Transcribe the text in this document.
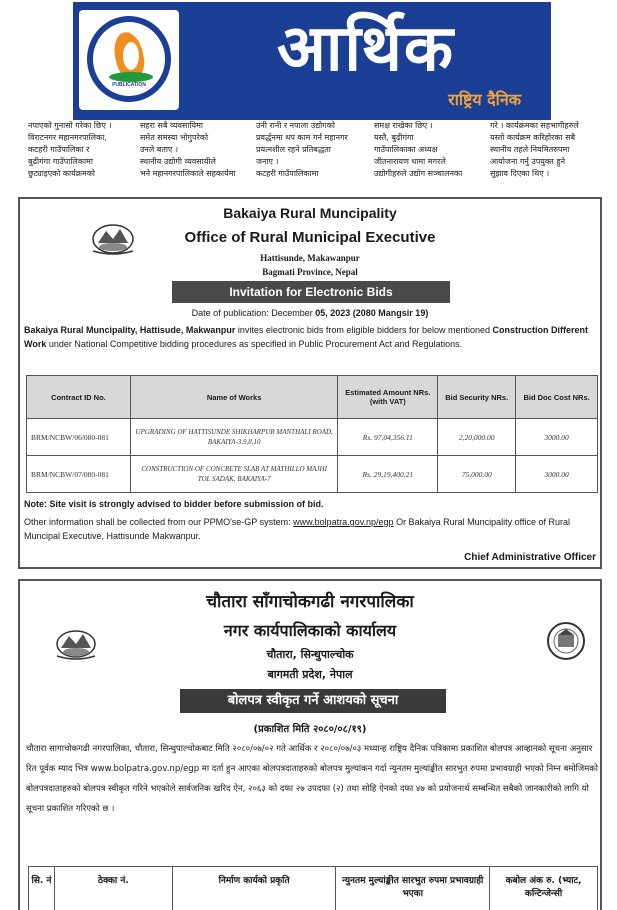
PUBLICATION	आर्थिक
राष्ट्रिय दैनिक
नपाएको गुनासो गरेका छिए ।
विराटनगर महानगरपालिका,
कटहरी गाउँपालिका र
बुढीगंगा गाउँपालिकामा
छुट्याइएको कार्यक्रमको
सहरा सबै व्यवसायिमा
समेत समस्या भोगुपरेको
उनले बताए ।
स्थानीय उद्योगी व्यवसायीले
भने महानगरपालिकाले सहकार्यमा
उनी रानी र नपाला उद्योगको
प्रवर्द्धनमा थप काम गर्न महानगर
प्रयत्नशील रहने प्रतिबद्धता
जनाए ।
कटहरी गाउँपालिकामा
समक्ष राखेका छिए ।
यस्तै, बुढीगंगा
गाउँपालिकाका अध्यक्ष
जीतनारायण धामा मगरले
उद्योगीहरुले उद्योग सञ्चालनका
गरे । कार्यक्रमका सहभागीहरुले
यस्तो कार्यक्रम करिहोरका सबै
स्थानीय तहले नियमितरुपमा
आयोजना गर्नु उपयुक्त हुने
सुझाव दिएका थिए ।
Bakaiya Rural Muncipality
Office of Rural Municipal Executive
Hattisunde, Makawanpur
Bagmati Province, Nepal
Invitation for Electronic Bids
Date of publication: December 05, 2023 (2080 Mangsir 19)
Bakaiya Rural Muncipality, Hattisude, Makwanpur invites electronic bids from eligible bidders for below mentioned Construction Different Work under National Competitive bidding procedures as specified in Public Procurement Act and Regulations.
Contract ID No.	Name of Works	Estimated Amount NRs. (with VAT)	Bid Security NRs.	Bid Doc Cost NRs.
BRM/NCBW/06/080-081	UPGRADING OF HATTISUNDE SHIKHARPUR MANTHALI ROAD, BAKAIYA-3,9,8,10	Rs. 97,04,356.11	2,20,000.00	3000.00
BRM/NCBW/07/080-081	CONSTRUCTION OF CONCRETE SLAB AT MATHILLO MAJHI TOL SADAK, BAKAIYA-7	Rs. 29,19,400.21	75,000.00	3000.00
Note: Site visit is strongly advised to bidder before submission of bid.
Other information shall be collected from our PPMO'se-GP system: www.bolpatra.gov.np/egp Or Bakaiya Rural Muncipality office of Rural Muncipal Executive, Hattisunde Makwanpur.
Chief Administrative Officer
चौतारा साँगाचोकगढी नगरपालिका
नगर कार्यपालिकाको कार्यालय
चौतारा, सिन्धुपाल्चोक
बागमती प्रदेश, नेपाल
बोलपत्र स्वीकृत गर्ने आशयको सूचना
(प्रकाशित मिति २०८०/०८/१९)
चौतारा सागाचोकगढी नगरपालिका, चौतारा, सिन्धुपाल्चोकबाट मिति २०८०/०७/०२ गते आर्थिक र २०८०/०७/०३ मध्यान्ह राष्ट्रिय दैनिक पत्रिकामा प्रकाशित बोलपत्र आव्हानको सूचना अनुसार रित पूर्वक म्याद भित्र www.bolpatra.gov.np/egp मा दर्ता हुन आएका बोलपत्रदाताहरुको बोलपत्र मुल्यांकन गर्दा न्युनतम मुल्यांङ्कीत सारभुत रुपमा प्रभावग्राही भएको निम्न बमोजिमको बोलपत्रदाताहरुको बोलपत्र स्वीकृत गरिने भएकोले सार्वजनिक खरिद ऐन, २०६३ को दफा २७ उपदफा (२) तथा सोहि ऐनको दफा ४७ को प्रयोजनार्थ सम्बन्धित सबैको जानकारीको लागि यो सूचना प्रकाशित गरिएको छ ।
सि. नं	ठेक्का नं.	निर्माण कार्यको प्रकृति	न्युनतम मुल्यांङ्कीत सारभुत रुपमा प्रभावग्राही भएका	कबोल अंक रु. (भ्याट, कन्टिन्जेन्सी
